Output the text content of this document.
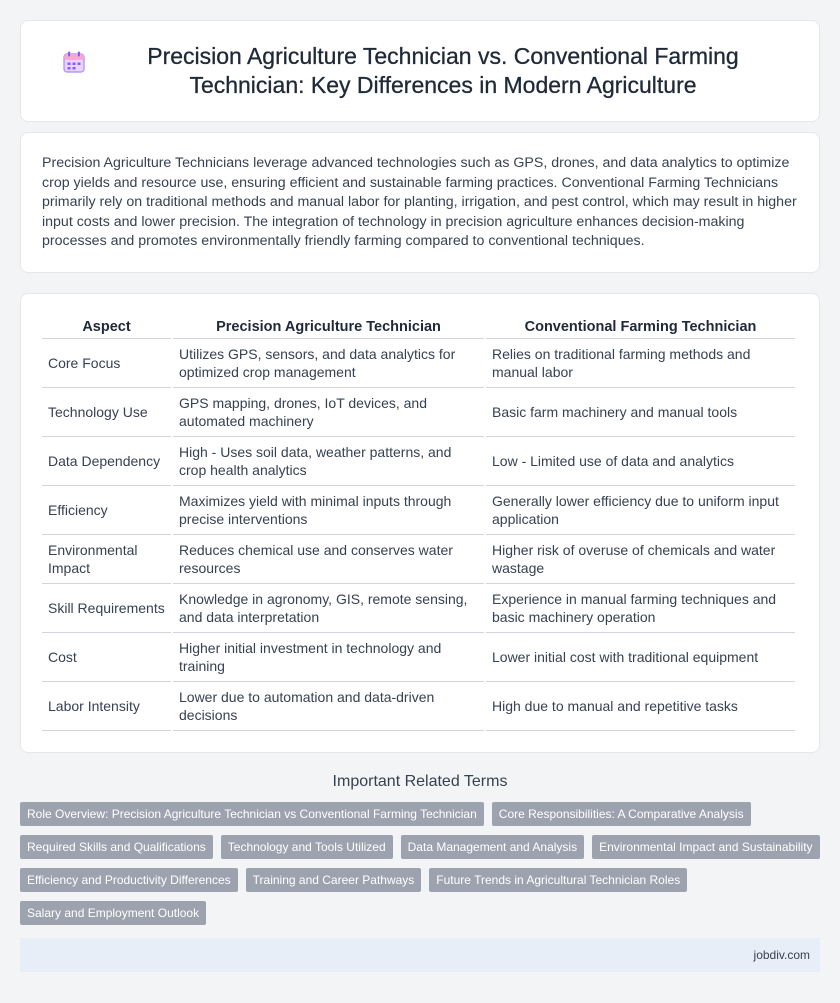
Precision Agriculture Technician vs. Conventional Farming Technician: Key Differences in Modern Agriculture

Precision Agriculture Technicians leverage advanced technologies such as GPS, drones, and data analytics to optimize crop yields and resource use, ensuring efficient and sustainable farming practices. Conventional Farming Technicians primarily rely on traditional methods and manual labor for planting, irrigation, and pest control, which may result in higher input costs and lower precision. The integration of technology in precision agriculture enhances decision-making processes and promotes environmentally friendly farming compared to conventional techniques.

Aspect	Precision Agriculture Technician	Conventional Farming Technician
Core Focus	Utilizes GPS, sensors, and data analytics for optimized crop management	Relies on traditional farming methods and manual labor
Technology Use	GPS mapping, drones, IoT devices, and automated machinery	Basic farm machinery and manual tools
Data Dependency	High - Uses soil data, weather patterns, and crop health analytics	Low - Limited use of data and analytics
Efficiency	Maximizes yield with minimal inputs through precise interventions	Generally lower efficiency due to uniform input application
Environmental Impact	Reduces chemical use and conserves water resources	Higher risk of overuse of chemicals and water wastage
Skill Requirements	Knowledge in agronomy, GIS, remote sensing, and data interpretation	Experience in manual farming techniques and basic machinery operation
Cost	Higher initial investment in technology and training	Lower initial cost with traditional equipment
Labor Intensity	Lower due to automation and data-driven decisions	High due to manual and repetitive tasks
Important Related Terms
Role Overview: Precision Agriculture Technician vs Conventional Farming Technician	Core Responsibilities: A Comparative Analysis
Required Skills and Qualifications	Technology and Tools Utilized	Data Management and Analysis	Environmental Impact and Sustainability
Efficiency and Productivity Differences	Training and Career Pathways	Future Trends in Agricultural Technician Roles
Salary and Employment Outlook
jobdiv.com
